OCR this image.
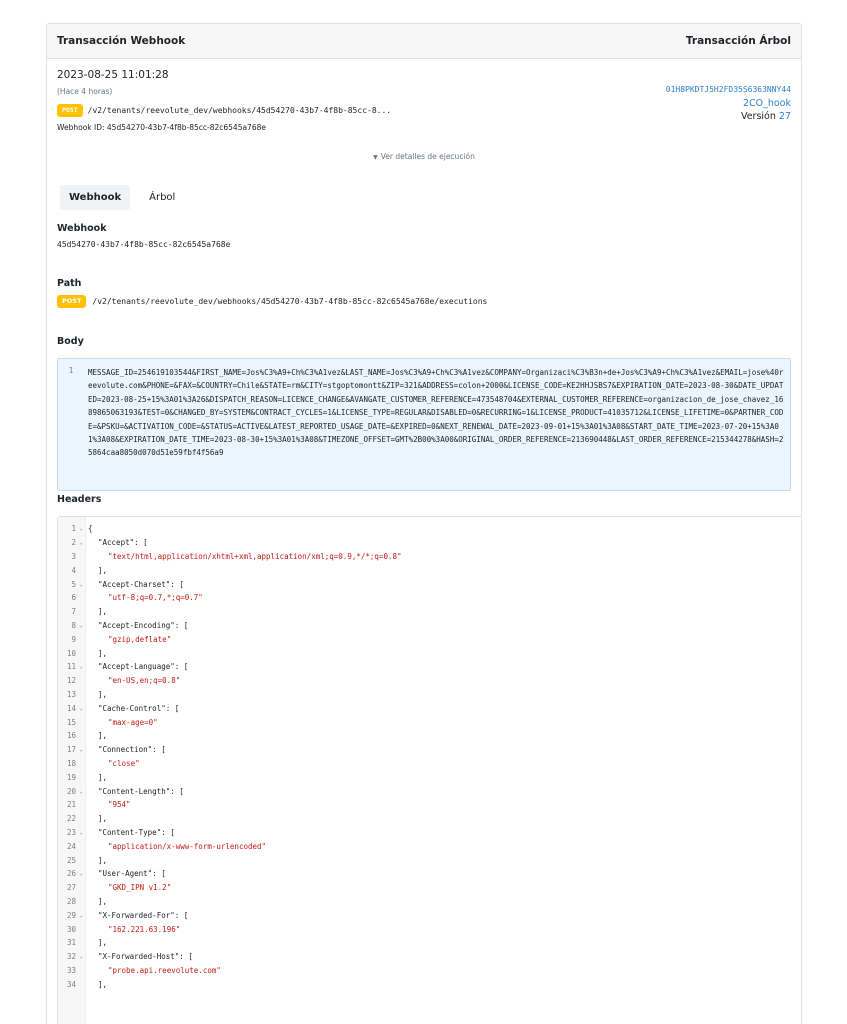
Transacción Webhook	Transacción Árbol
2023-08-25 11:01:28
(Hace 4 horas)
POST	/v2/tenants/reevolute_dev/webhooks/45d54270-43b7-4f8b-85cc-8...
Webhook ID: 45d54270-43b7-4f8b-85cc-82c6545a768e
01H8PKDTJ5H2FD35S6363NNY44
2CO_hook
Versión 27
▼ Ver detalles de ejecución
Webhook	Árbol
Webhook
45d54270-43b7-4f8b-85cc-82c6545a768e
Path
POST	/v2/tenants/reevolute_dev/webhooks/45d54270-43b7-4f8b-85cc-82c6545a768e/executions
Body
1	MESSAGE_ID=254619103544&FIRST_NAME=Jos%C3%A9+Ch%C3%A1vez&LAST_NAME=Jos%C3%A9+Ch%C3%A1vez&COMPANY=Organizaci%C3%B3n+de+Jos%C3%A9+Ch%C3%A1vez&EMAIL=jose%40reevolute.com&PHONE=&FAX=&COUNTRY=Chile&STATE=rm&CITY=stgoptomontt&ZIP=321&ADDRESS=colon+2000&LICENSE_CODE=KE2HHJSBS7&EXPIRATION_DATE=2023-08-30&DATE_UPDATED=2023-08-25+15%3A01%3A26&DISPATCH_REASON=LICENCE_CHANGE&AVANGATE_CUSTOMER_REFERENCE=473548704&EXTERNAL_CUSTOMER_REFERENCE=organizacion_de_jose_chavez_1689865063193&TEST=0&CHANGED_BY=SYSTEM&CONTRACT_CYCLES=1&LICENSE_TYPE=REGULAR&DISABLED=0&RECURRING=1&LICENSE_PRODUCT=41035712&LICENSE_LIFETIME=0&PARTNER_CODE=&PSKU=&ACTIVATION_CODE=&STATUS=ACTIVE&LATEST_REPORTED_USAGE_DATE=&EXPIRED=0&NEXT_RENEWAL_DATE=2023-09-01+15%3A01%3A08&START_DATE_TIME=2023-07-20+15%3A01%3A08&EXPIRATION_DATE_TIME=2023-08-30+15%3A01%3A08&TIMEZONE_OFFSET=GMT%2B00%3A00&ORIGINAL_ORDER_REFERENCE=213690448&LAST_ORDER_REFERENCE=215344278&HASH=25864caa8050d070d51e59fbf4f56a9
Headers
1 ⌄ {
2 ⌄	"Accept": [
3	"text/html,application/xhtml+xml,application/xml;q=0.9,*/*;q=0.8"
4	],
5 ⌄	"Accept-Charset": [
6	"utf-8;q=0.7,*;q=0.7"
7	],
8 ⌄	"Accept-Encoding": [
9	"gzip,deflate"
10	],
11 ⌄	"Accept-Language": [
12	"en-US,en;q=0.8"
13	],
14 ⌄	"Cache-Control": [
15	"max-age=0"
16	],
17 ⌄	"Connection": [
18	"close"
19	],
20 ⌄	"Content-Length": [
21	"954"
22	],
23 ⌄	"Content-Type": [
24	"application/x-www-form-urlencoded"
25	],
26 ⌄	"User-Agent": [
27	"GKD_IPN v1.2"
28	],
29 ⌄	"X-Forwarded-For": [
30	"162.221.63.196"
31	],
32 ⌄	"X-Forwarded-Host": [
33	"probe.api.reevolute.com"
34	],
